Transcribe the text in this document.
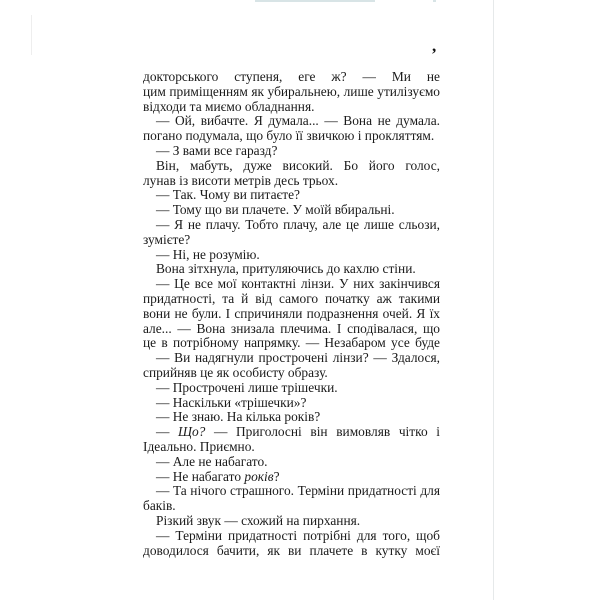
,
докторського ступеня, еге ж? — Ми не
цим приміщенням як убиральнею, лише утилізуємо
відходи та миємо обладнання.
— Ой, вибачте. Я думала... — Вона не думала.
погано подумала, що було її звичкою і прокляттям.
— З вами все гаразд?
Він, мабуть, дуже високий. Бо його голос,
лунав із висоти метрів десь трьох.
— Так. Чому ви питаєте?
— Тому що ви плачете. У моїй вбиральні.
— Я не плачу. Тобто плачу, але це лише сльози,
зумієте?
— Ні, не розумію.
Вона зітхнула, притуляючись до кахлю стіни.
— Це все мої контактні лінзи. У них закінчився
придатності, та й від самого початку аж такими
вони не були. І спричиняли подразнення очей. Я їх
але... — Вона знизала плечима. І сподівалася, що
це в потрібному напрямку. — Незабаром усе буде
— Ви надягнули прострочені лінзи? — Здалося,
сприйняв це як особисту образу.
— Прострочені лише трішечки.
— Наскільки «трішечки»?
— Не знаю. На кілька років?
— Що? — Приголосні він вимовляв чітко і
Ідеально. Приємно.
— Але не набагато.
— Не набагато років?
— Та нічого страшного. Терміни придатності для
баків.
Різкий звук — схожий на пирхання.
— Терміни придатності потрібні для того, щоб
доводилося бачити, як ви плачете в кутку моєї
